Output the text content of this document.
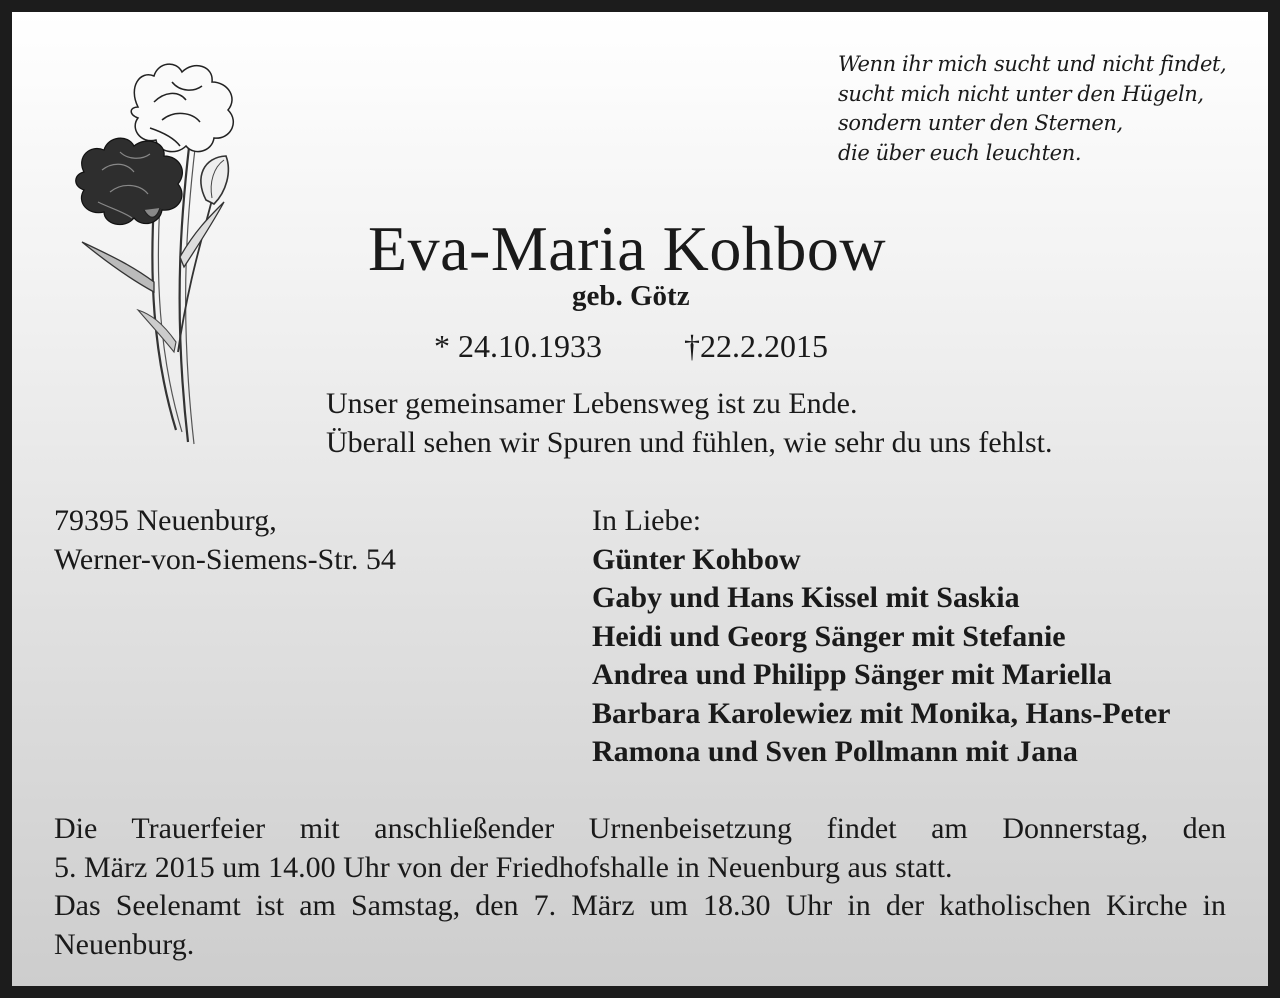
Wenn ihr mich sucht und nicht findet,
sucht mich nicht unter den Hügeln,
sondern unter den Sternen,
die über euch leuchten.
Eva-Maria Kohbow
geb. Götz
* 24.10.1933	†22.2.2015
Unser gemeinsamer Lebensweg ist zu Ende.
Überall sehen wir Spuren und fühlen, wie sehr du uns fehlst.
79395 Neuenburg,
Werner-von-Siemens-Str. 54
In Liebe:
Günter Kohbow
Gaby und Hans Kissel mit Saskia
Heidi und Georg Sänger mit Stefanie
Andrea und Philipp Sänger mit Mariella
Barbara Karolewiez mit Monika, Hans-Peter
Ramona und Sven Pollmann mit Jana
Die Trauerfeier mit anschließender Urnenbeisetzung findet am Donnerstag, den
5. März 2015 um 14.00 Uhr von der Friedhofshalle in Neuenburg aus statt.
Das Seelenamt ist am Samstag, den 7. März um 18.30 Uhr in der katholischen Kirche in
Neuenburg.
